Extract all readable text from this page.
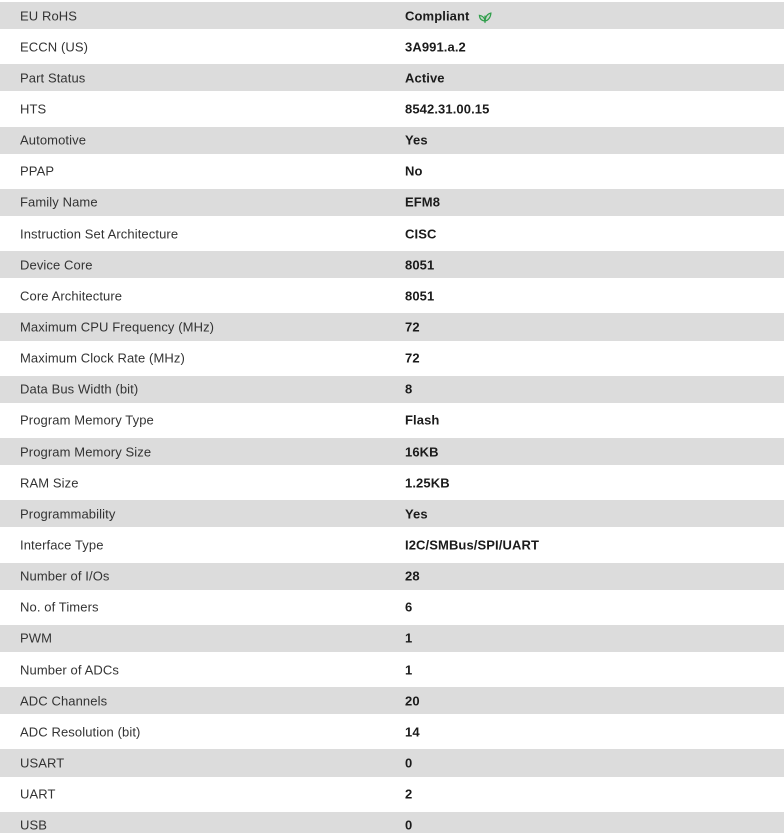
EU RoHS	Compliant
ECCN (US)	3A991.a.2
Part Status	Active
HTS	8542.31.00.15
Automotive	Yes
PPAP	No
Family Name	EFM8
Instruction Set Architecture	CISC
Device Core	8051
Core Architecture	8051
Maximum CPU Frequency (MHz)	72
Maximum Clock Rate (MHz)	72
Data Bus Width (bit)	8
Program Memory Type	Flash
Program Memory Size	16KB
RAM Size	1.25KB
Programmability	Yes
Interface Type	I2C/SMBus/SPI/UART
Number of I/Os	28
No. of Timers	6
PWM	1
Number of ADCs	1
ADC Channels	20
ADC Resolution (bit)	14
USART	0
UART	2
USB	0
